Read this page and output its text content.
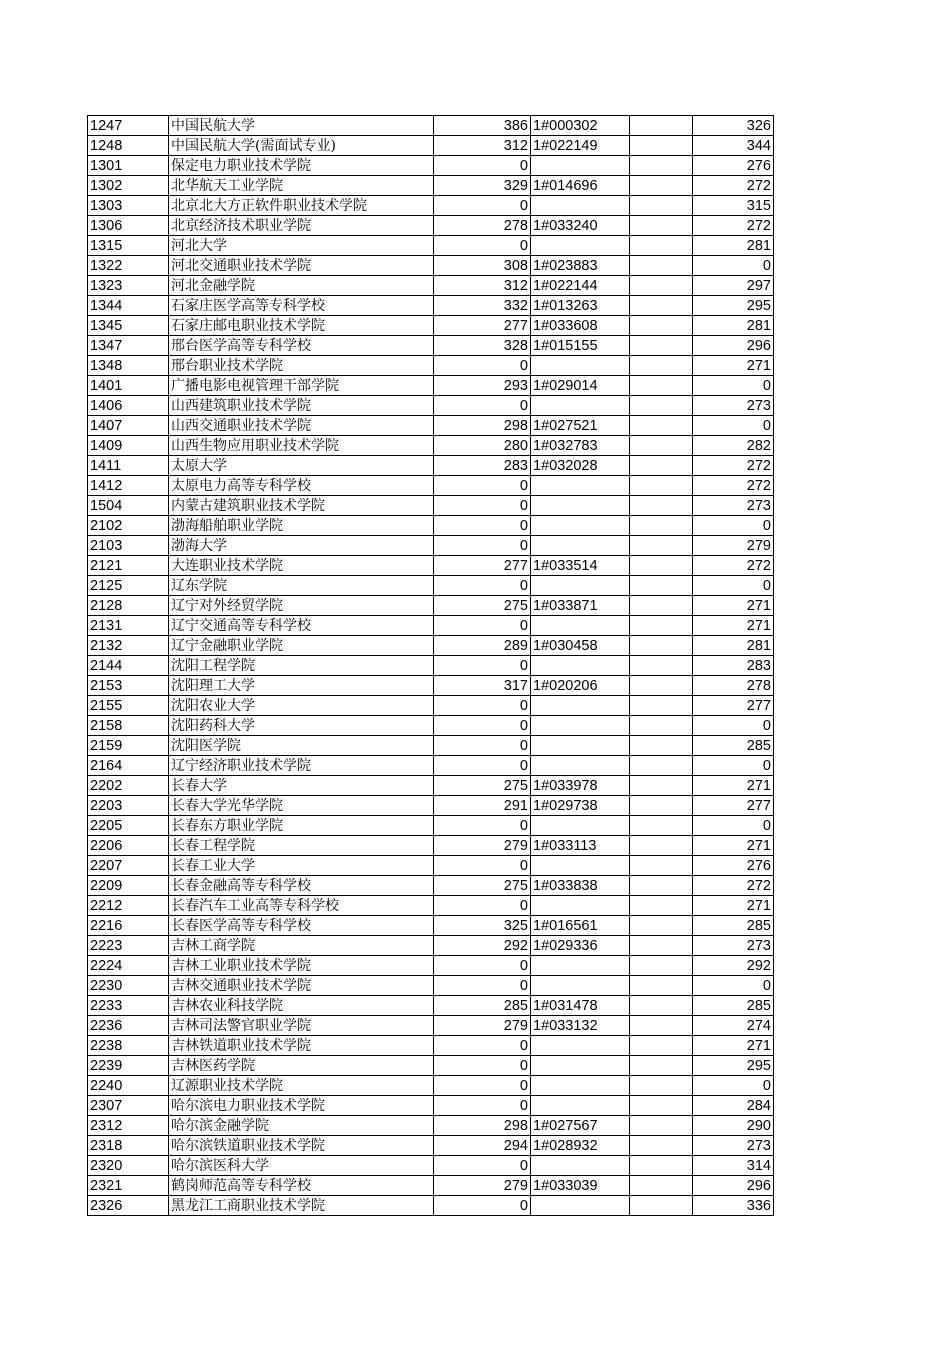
1247	中国民航大学	386	1#000302		326
1248	中国民航大学(需面试专业)	312	1#022149		344
1301	保定电力职业技术学院	0			276
1302	北华航天工业学院	329	1#014696		272
1303	北京北大方正软件职业技术学院	0			315
1306	北京经济技术职业学院	278	1#033240		272
1315	河北大学	0			281
1322	河北交通职业技术学院	308	1#023883		0
1323	河北金融学院	312	1#022144		297
1344	石家庄医学高等专科学校	332	1#013263		295
1345	石家庄邮电职业技术学院	277	1#033608		281
1347	邢台医学高等专科学校	328	1#015155		296
1348	邢台职业技术学院	0			271
1401	广播电影电视管理干部学院	293	1#029014		0
1406	山西建筑职业技术学院	0			273
1407	山西交通职业技术学院	298	1#027521		0
1409	山西生物应用职业技术学院	280	1#032783		282
1411	太原大学	283	1#032028		272
1412	太原电力高等专科学校	0			272
1504	内蒙古建筑职业技术学院	0			273
2102	渤海船舶职业学院	0			0
2103	渤海大学	0			279
2121	大连职业技术学院	277	1#033514		272
2125	辽东学院	0			0
2128	辽宁对外经贸学院	275	1#033871		271
2131	辽宁交通高等专科学校	0			271
2132	辽宁金融职业学院	289	1#030458		281
2144	沈阳工程学院	0			283
2153	沈阳理工大学	317	1#020206		278
2155	沈阳农业大学	0			277
2158	沈阳药科大学	0			0
2159	沈阳医学院	0			285
2164	辽宁经济职业技术学院	0			0
2202	长春大学	275	1#033978		271
2203	长春大学光华学院	291	1#029738		277
2205	长春东方职业学院	0			0
2206	长春工程学院	279	1#033113		271
2207	长春工业大学	0			276
2209	长春金融高等专科学校	275	1#033838		272
2212	长春汽车工业高等专科学校	0			271
2216	长春医学高等专科学校	325	1#016561		285
2223	吉林工商学院	292	1#029336		273
2224	吉林工业职业技术学院	0			292
2230	吉林交通职业技术学院	0			0
2233	吉林农业科技学院	285	1#031478		285
2236	吉林司法警官职业学院	279	1#033132		274
2238	吉林铁道职业技术学院	0			271
2239	吉林医药学院	0			295
2240	辽源职业技术学院	0			0
2307	哈尔滨电力职业技术学院	0			284
2312	哈尔滨金融学院	298	1#027567		290
2318	哈尔滨铁道职业技术学院	294	1#028932		273
2320	哈尔滨医科大学	0			314
2321	鹤岗师范高等专科学校	279	1#033039		296
2326	黑龙江工商职业技术学院	0			336
